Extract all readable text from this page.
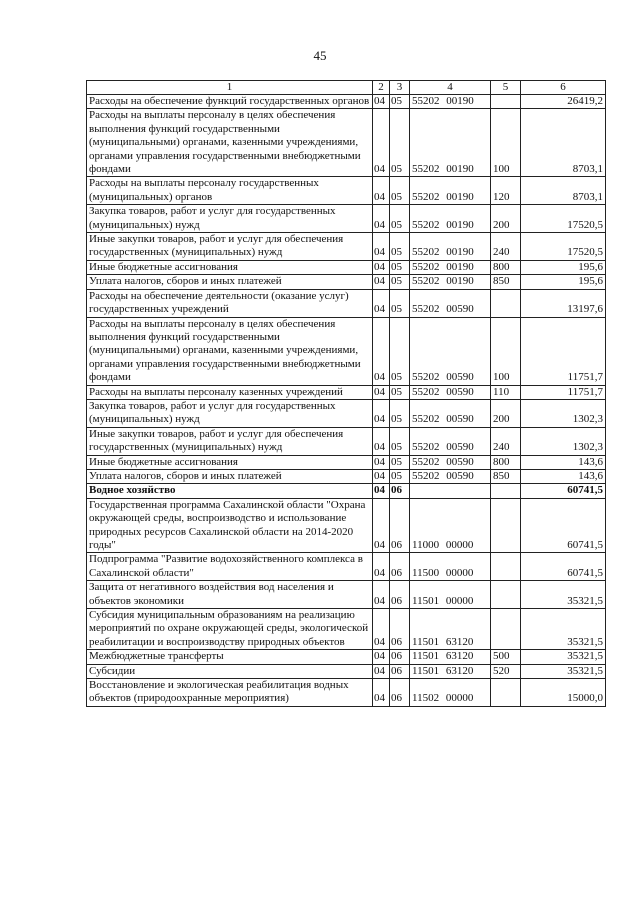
45
1	2	3	4	5	6
Расходы на обеспечение функций государственных органов	04	05	55202 00190		26419,2
Расходы на выплаты персоналу в целях обеспечения выполнения функций государственными (муниципальными) органами, казенными учреждениями, органами управления государственными внебюджетными фондами	04	05	55202 00190	100	8703,1
Расходы на выплаты персоналу государственных (муниципальных) органов	04	05	55202 00190	120	8703,1
Закупка товаров, работ и услуг для государственных (муниципальных) нужд	04	05	55202 00190	200	17520,5
Иные закупки товаров, работ и услуг для обеспечения государственных (муниципальных) нужд	04	05	55202 00190	240	17520,5
Иные бюджетные ассигнования	04	05	55202 00190	800	195,6
Уплата налогов, сборов и иных платежей	04	05	55202 00190	850	195,6
Расходы на обеспечение деятельности (оказание услуг) государственных учреждений	04	05	55202 00590		13197,6
Расходы на выплаты персоналу в целях обеспечения выполнения функций государственными (муниципальными) органами, казенными учреждениями, органами управления государственными внебюджетными фондами	04	05	55202 00590	100	11751,7
Расходы на выплаты персоналу казенных учреждений	04	05	55202 00590	110	11751,7
Закупка товаров, работ и услуг для государственных (муниципальных) нужд	04	05	55202 00590	200	1302,3
Иные закупки товаров, работ и услуг для обеспечения государственных (муниципальных) нужд	04	05	55202 00590	240	1302,3
Иные бюджетные ассигнования	04	05	55202 00590	800	143,6
Уплата налогов, сборов и иных платежей	04	05	55202 00590	850	143,6
Водное хозяйство	04	06			60741,5
Государственная программа Сахалинской области "Охрана окружающей среды, воспроизводство и использование природных ресурсов Сахалинской области на 2014-2020 годы"	04	06	11000 00000		60741,5
Подпрограмма "Развитие водохозяйственного комплекса в Сахалинской области"	04	06	11500 00000		60741,5
Защита от негативного воздействия вод населения и объектов экономики	04	06	11501 00000		35321,5
Субсидия муниципальным образованиям на реализацию мероприятий по охране окружающей среды, экологической реабилитации и воспроизводству природных объектов	04	06	11501 63120		35321,5
Межбюджетные трансферты	04	06	11501 63120	500	35321,5
Субсидии	04	06	11501 63120	520	35321,5
Восстановление и экологическая реабилитация водных объектов (природоохранные мероприятия)	04	06	11502 00000		15000,0
